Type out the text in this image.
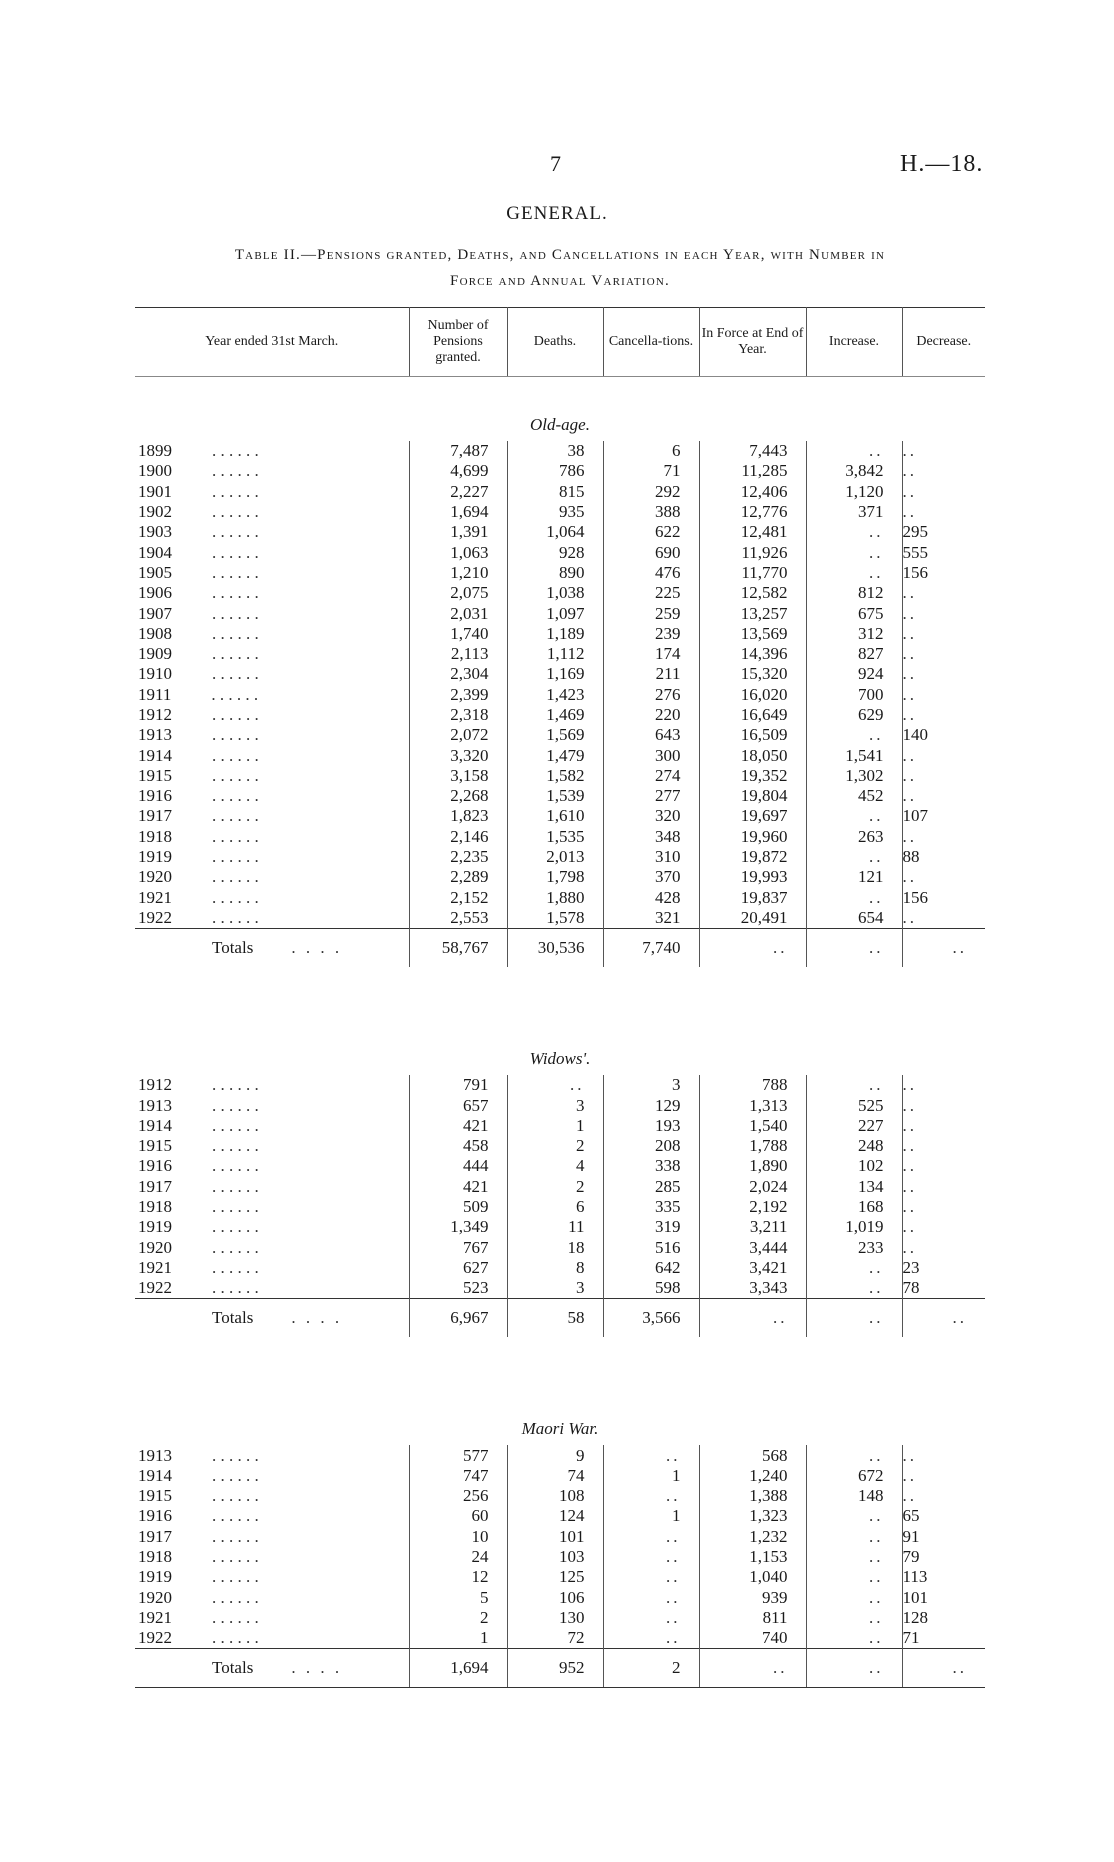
7	H.—18.
GENERAL.
Table II.—Pensions granted, Deaths, and Cancellations in each Year, with Number in
Force and Annual Variation.
Year ended 31st March.	Number of Pensions granted.	Deaths.	Cancella-tions.	In Force at End of Year.	Increase.	Decrease.
Old-age.						
1899 . . . . . .	7,487	38	6	7,443	..	..
1900 . . . . . .	4,699	786	71	11,285	3,842	..
1901 . . . . . .	2,227	815	292	12,406	1,120	..
1902 . . . . . .	1,694	935	388	12,776	371	..
1903 . . . . . .	1,391	1,064	622	12,481	..	295
1904 . . . . . .	1,063	928	690	11,926	..	555
1905 . . . . . .	1,210	890	476	11,770	..	156
1906 . . . . . .	2,075	1,038	225	12,582	812	..
1907 . . . . . .	2,031	1,097	259	13,257	675	..
1908 . . . . . .	1,740	1,189	239	13,569	312	..
1909 . . . . . .	2,113	1,112	174	14,396	827	..
1910 . . . . . .	2,304	1,169	211	15,320	924	..
1911 . . . . . .	2,399	1,423	276	16,020	700	..
1912 . . . . . .	2,318	1,469	220	16,649	629	..
1913 . . . . . .	2,072	1,569	643	16,509	..	140
1914 . . . . . .	3,320	1,479	300	18,050	1,541	..
1915 . . . . . .	3,158	1,582	274	19,352	1,302	..
1916 . . . . . .	2,268	1,539	277	19,804	452	..
1917 . . . . . .	1,823	1,610	320	19,697	..	107
1918 . . . . . .	2,146	1,535	348	19,960	263	..
1919 . . . . . .	2,235	2,013	310	19,872	..	88
1920 . . . . . .	2,289	1,798	370	19,993	121	..
1921 . . . . . .	2,152	1,880	428	19,837	..	156
1922 . . . . . .	2,553	1,578	321	20,491	654	..
Totals . . . .	58,767	30,536	7,740	..	..	..

Widows'.						
1912 . . . . . .	791	..	3	788	..	..
1913 . . . . . .	657	3	129	1,313	525	..
1914 . . . . . .	421	1	193	1,540	227	..
1915 . . . . . .	458	2	208	1,788	248	..
1916 . . . . . .	444	4	338	1,890	102	..
1917 . . . . . .	421	2	285	2,024	134	..
1918 . . . . . .	509	6	335	2,192	168	..
1919 . . . . . .	1,349	11	319	3,211	1,019	..
1920 . . . . . .	767	18	516	3,444	233	..
1921 . . . . . .	627	8	642	3,421	..	23
1922 . . . . . .	523	3	598	3,343	..	78
Totals . . . .	6,967	58	3,566	..	..	..

Maori War.						
1913 . . . . . .	577	9	..	568	..	..
1914 . . . . . .	747	74	1	1,240	672	..
1915 . . . . . .	256	108	..	1,388	148	..
1916 . . . . . .	60	124	1	1,323	..	65
1917 . . . . . .	10	101	..	1,232	..	91
1918 . . . . . .	24	103	..	1,153	..	79
1919 . . . . . .	12	125	..	1,040	..	113
1920 . . . . . .	5	106	..	939	..	101
1921 . . . . . .	2	130	..	811	..	128
1922 . . . . . .	1	72	..	740	..	71
Totals . . . .	1,694	952	2	..	..	..
